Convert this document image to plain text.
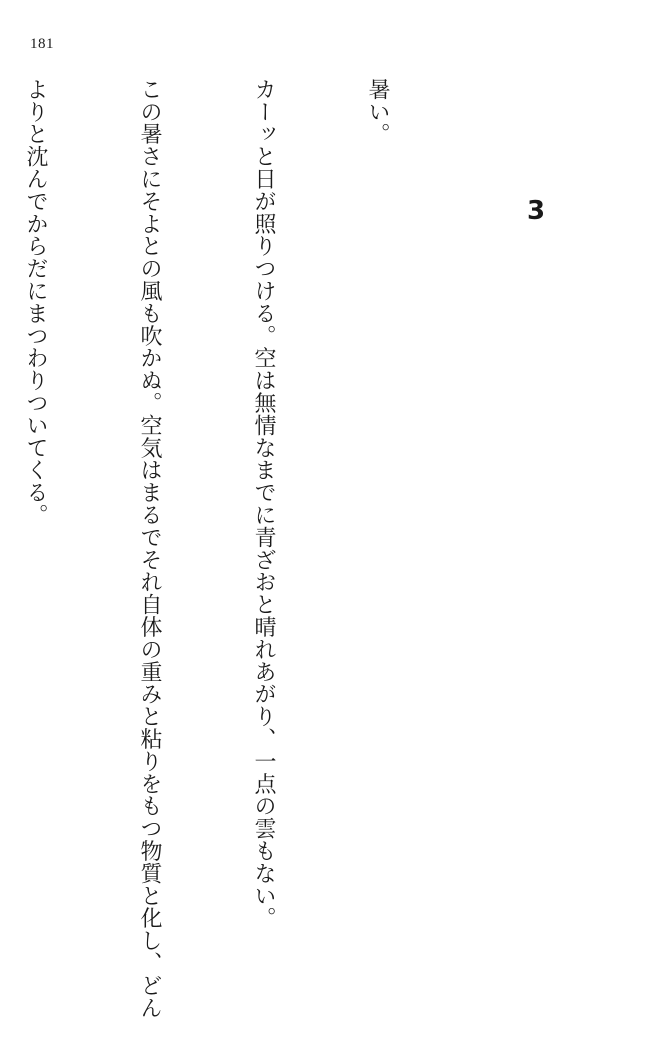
181
3

暑い。

カーッと日が照りつける。空は無情なまでに青ざおと晴れあがり、一点の雲もない。

この暑さにそよとの風も吹かぬ。空気はまるでそれ自体の重みと粘りをもつ物質と化し、どん

よりと沈んでからだにまつわりついてくる。
